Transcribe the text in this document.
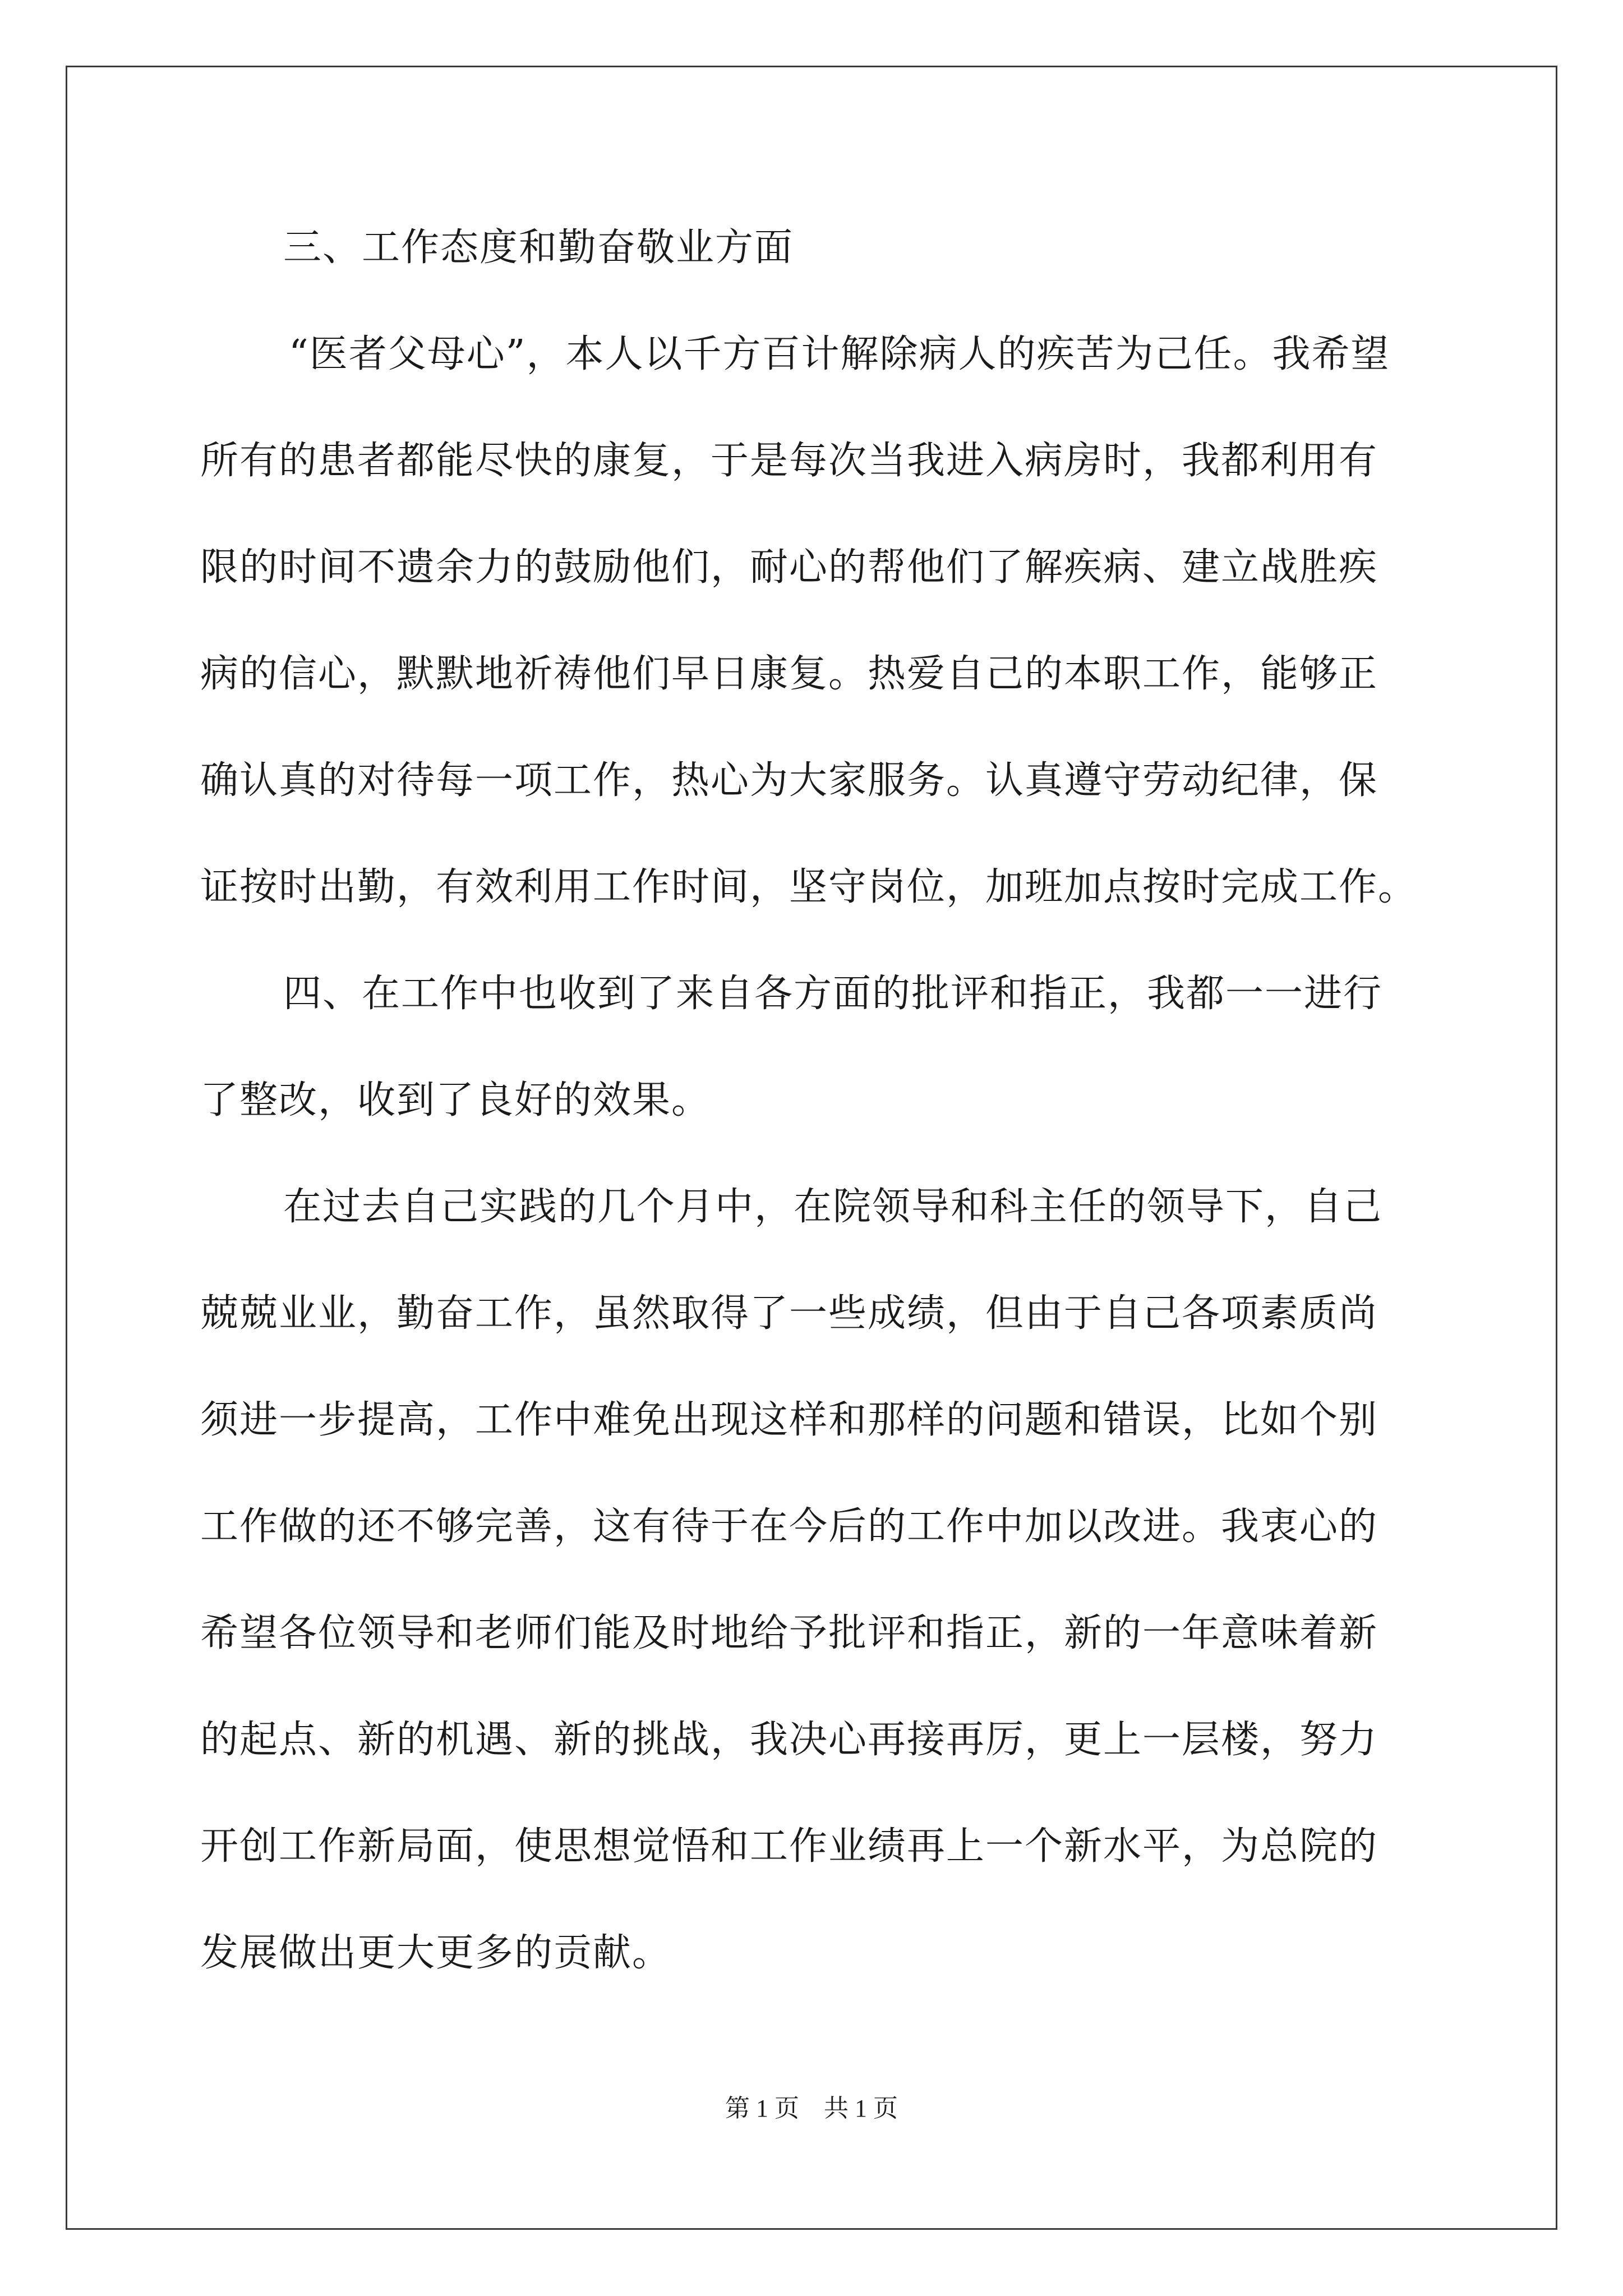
三、工作态度和勤奋敬业方面
“医者父母心”，本人以千方百计解除病人的疾苦为己任。我希望
所有的患者都能尽快的康复，于是每次当我进入病房时，我都利用有
限的时间不遗余力的鼓励他们，耐心的帮他们了解疾病、建立战胜疾
病的信心，默默地祈祷他们早日康复。热爱自己的本职工作，能够正
确认真的对待每一项工作，热心为大家服务。认真遵守劳动纪律，保
证按时出勤，有效利用工作时间，坚守岗位，加班加点按时完成工作。
四、在工作中也收到了来自各方面的批评和指正，我都一一进行
了整改，收到了良好的效果。
在过去自己实践的几个月中，在院领导和科主任的领导下，自己
兢兢业业，勤奋工作，虽然取得了一些成绩，但由于自己各项素质尚
须进一步提高，工作中难免出现这样和那样的问题和错误，比如个别
工作做的还不够完善，这有待于在今后的工作中加以改进。我衷心的
希望各位领导和老师们能及时地给予批评和指正，新的一年意味着新
的起点、新的机遇、新的挑战，我决心再接再厉，更上一层楼，努力
开创工作新局面，使思想觉悟和工作业绩再上一个新水平，为总院的
发展做出更大更多的贡献。
第 1 页　共 1 页
